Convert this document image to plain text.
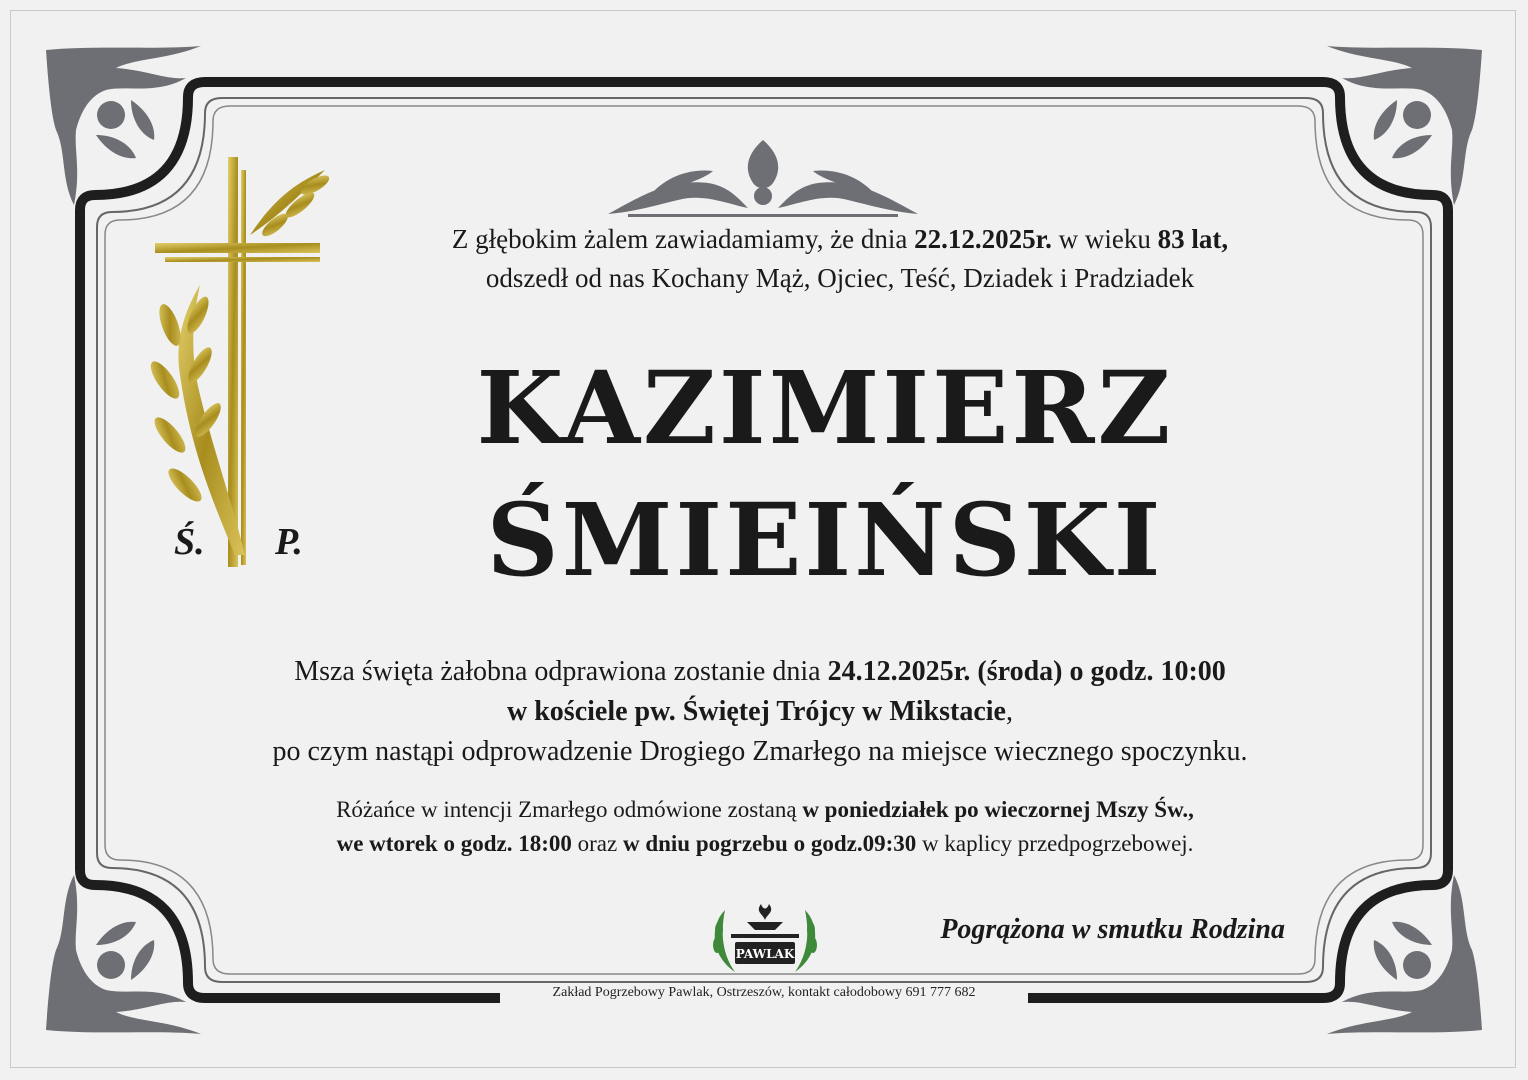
Ś. P.
Z głębokim żalem zawiadamiamy, że dnia 22.12.2025r. w wieku 83 lat,
odszedł od nas Kochany Mąż, Ojciec, Teść, Dziadek i Pradziadek
KAZIMIERZ
ŚMIEIŃSKI
Msza święta żałobna odprawiona zostanie dnia 24.12.2025r. (środa) o godz. 10:00
w kościele pw. Świętej Trójcy w Mikstacie,
po czym nastąpi odprowadzenie Drogiego Zmarłego na miejsce wiecznego spoczynku.
Różańce w intencji Zmarłego odmówione zostaną w poniedziałek po wieczornej Mszy Św.,
we wtorek o godz. 18:00 oraz w dniu pogrzebu o godz.09:30 w kaplicy przedpogrzebowej.
PAWLAK
Pogrążona w smutku Rodzina
Zakład Pogrzebowy Pawlak, Ostrzeszów, kontakt całodobowy 691 777 682
